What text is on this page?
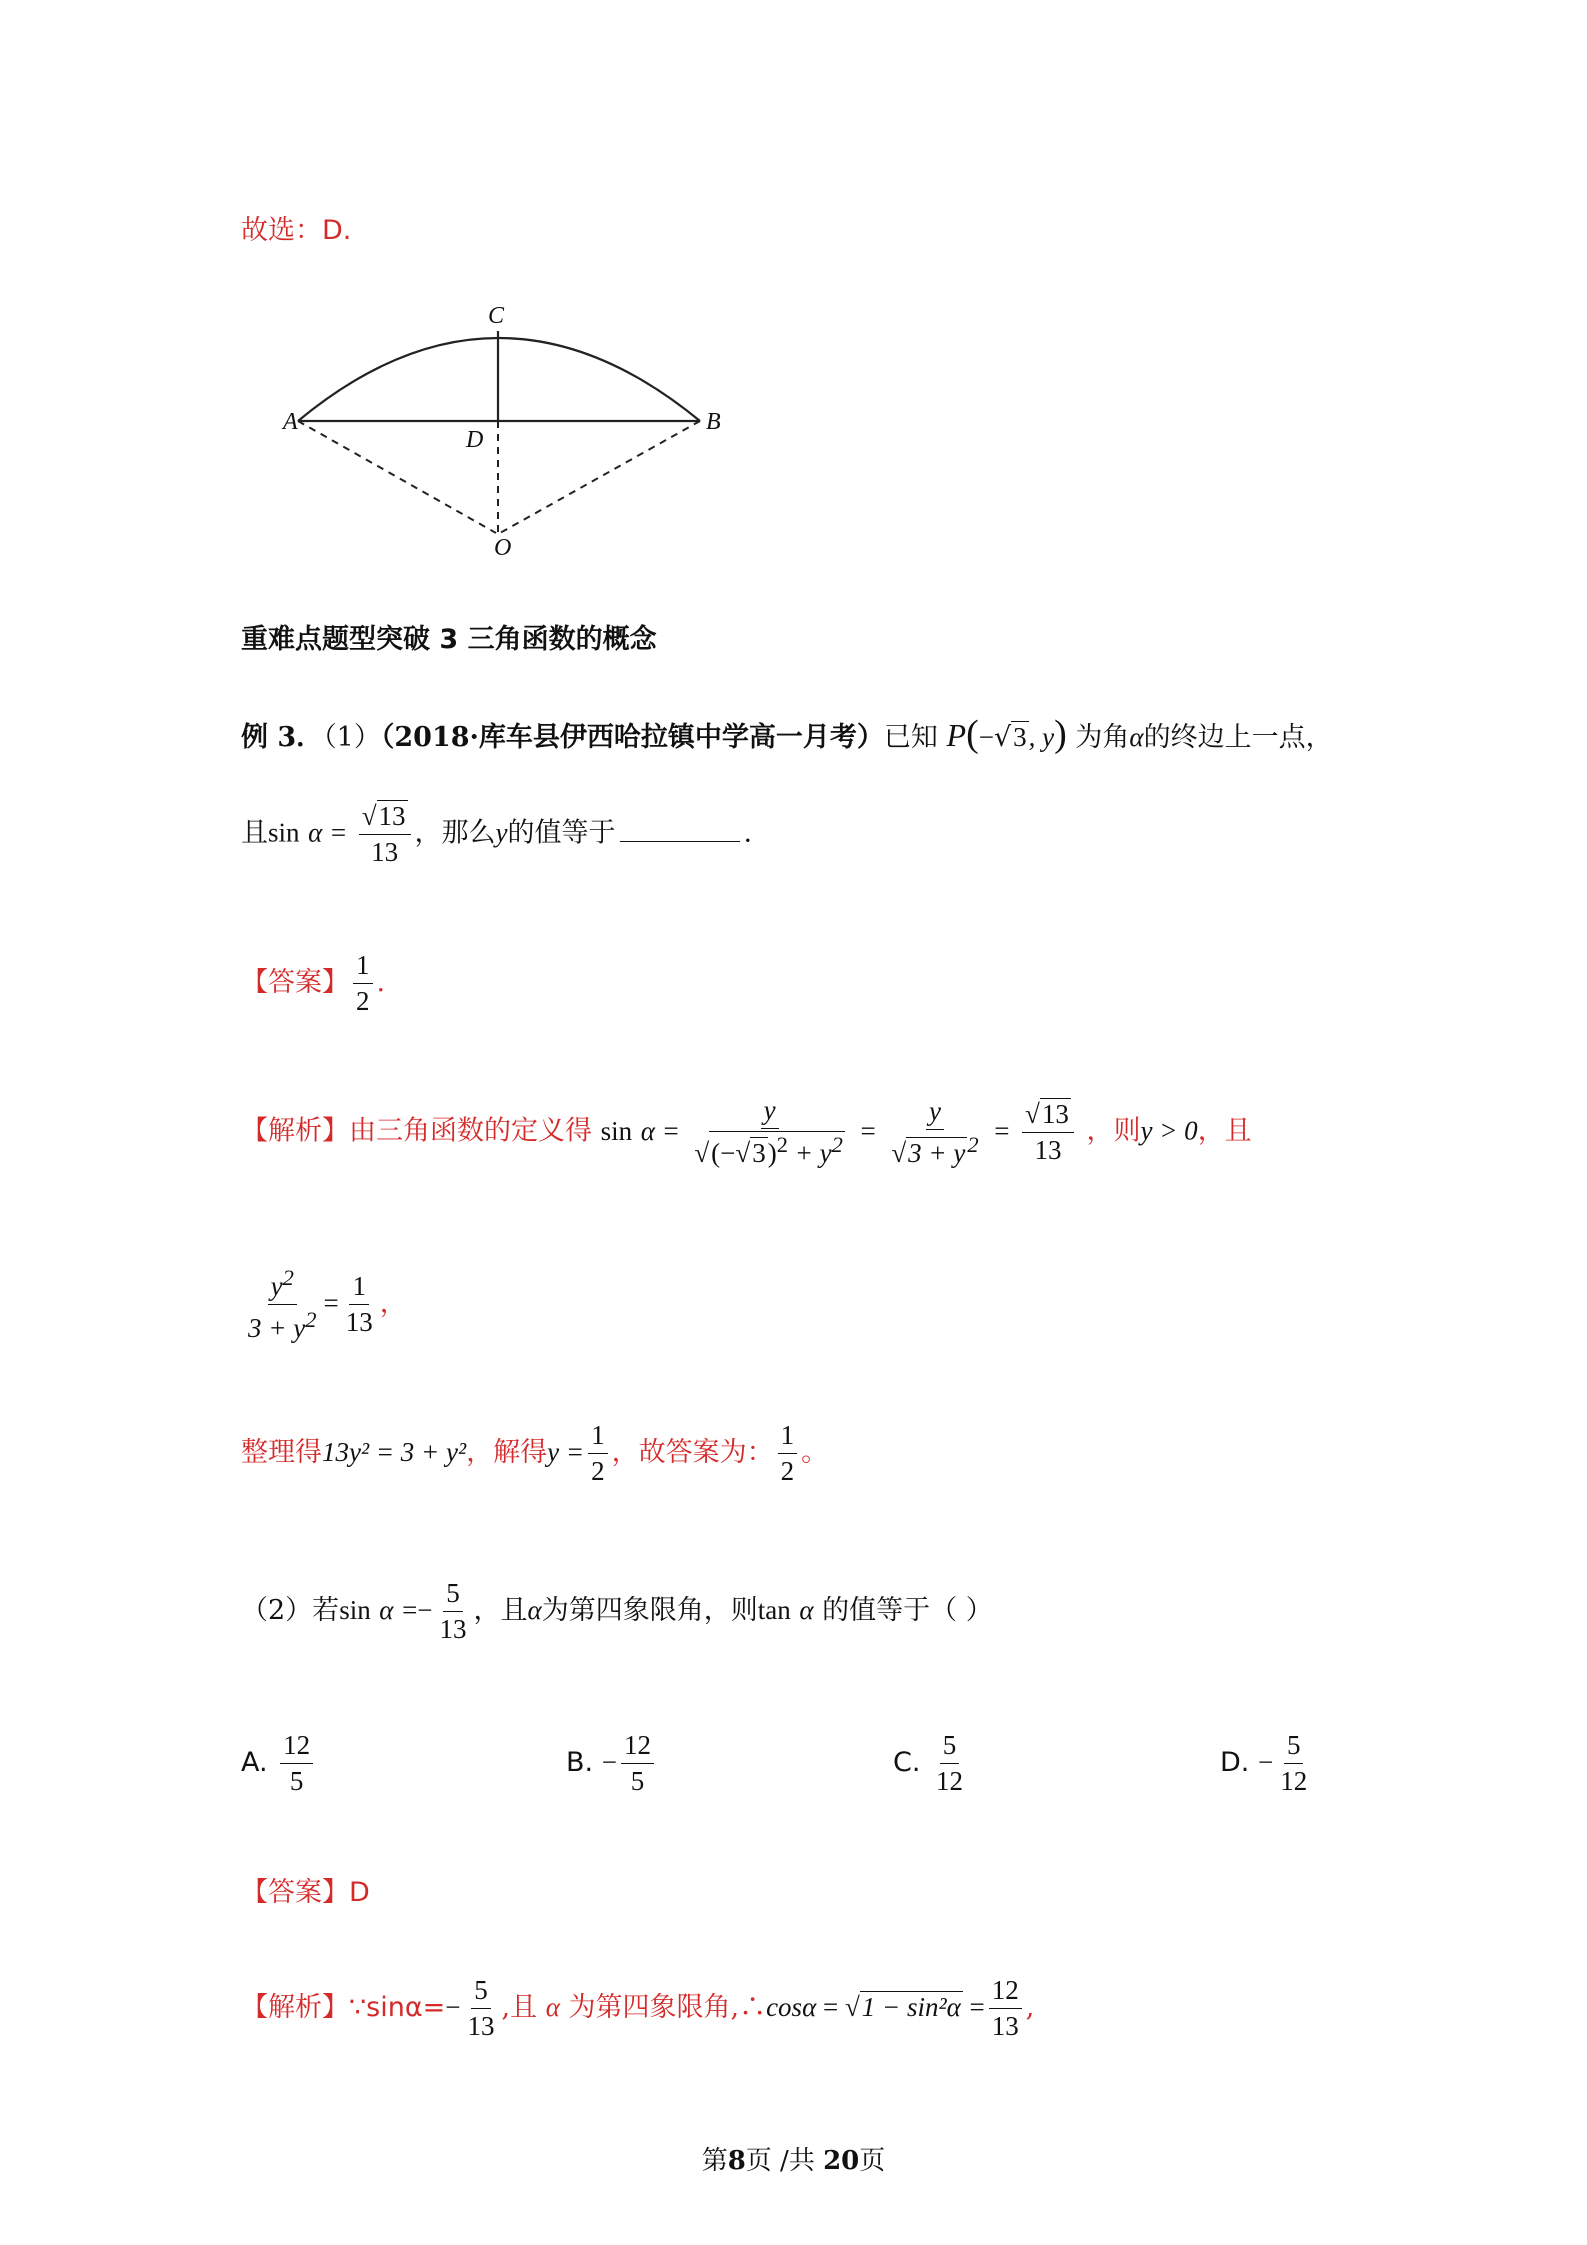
故选：D.
A	B
C
D
O
重难点题型突破 3 三角函数的概念
例 3．（1）（2018·库车县伊西哈拉镇中学高一月考）已知 P(−√3, y) 为角α的终边上一点，
且$\sin \alpha = \frac{√13}{13}$ ，那么y的值等于	.
【答案】 $\frac{1}{2}$ .
【解析】由三角函数的定义得 $\sin \alpha = \frac{y}{√(-√3)^2 + y^2} = \frac{y}{√3 + y^2} = \frac{√13}{13}$ ，则y > 0，且
$\frac{y^2}{3 + y^2} = \frac{1}{13}$ ，
整理得13y² = 3 + y²，解得$y = \frac{1}{2}$ ，故答案为： $\frac{1}{2}$ 。
（2）若$\sin \alpha =- \frac{5}{13}$ ，且α为第四象限角，则tan α 的值等于（ ）
A. $\frac{12}{5}$	B. − $\frac{12}{5}$	C. $\frac{5}{12}$	D. − $\frac{5}{12}$
【答案】D
【解析】∵sinα=− $\frac{5}{13}$ ,且 α 为第四象限角,∴cosα = $√1 - \sin^2\alpha = \frac{12}{13}$ ,
第8页 /共 20页
